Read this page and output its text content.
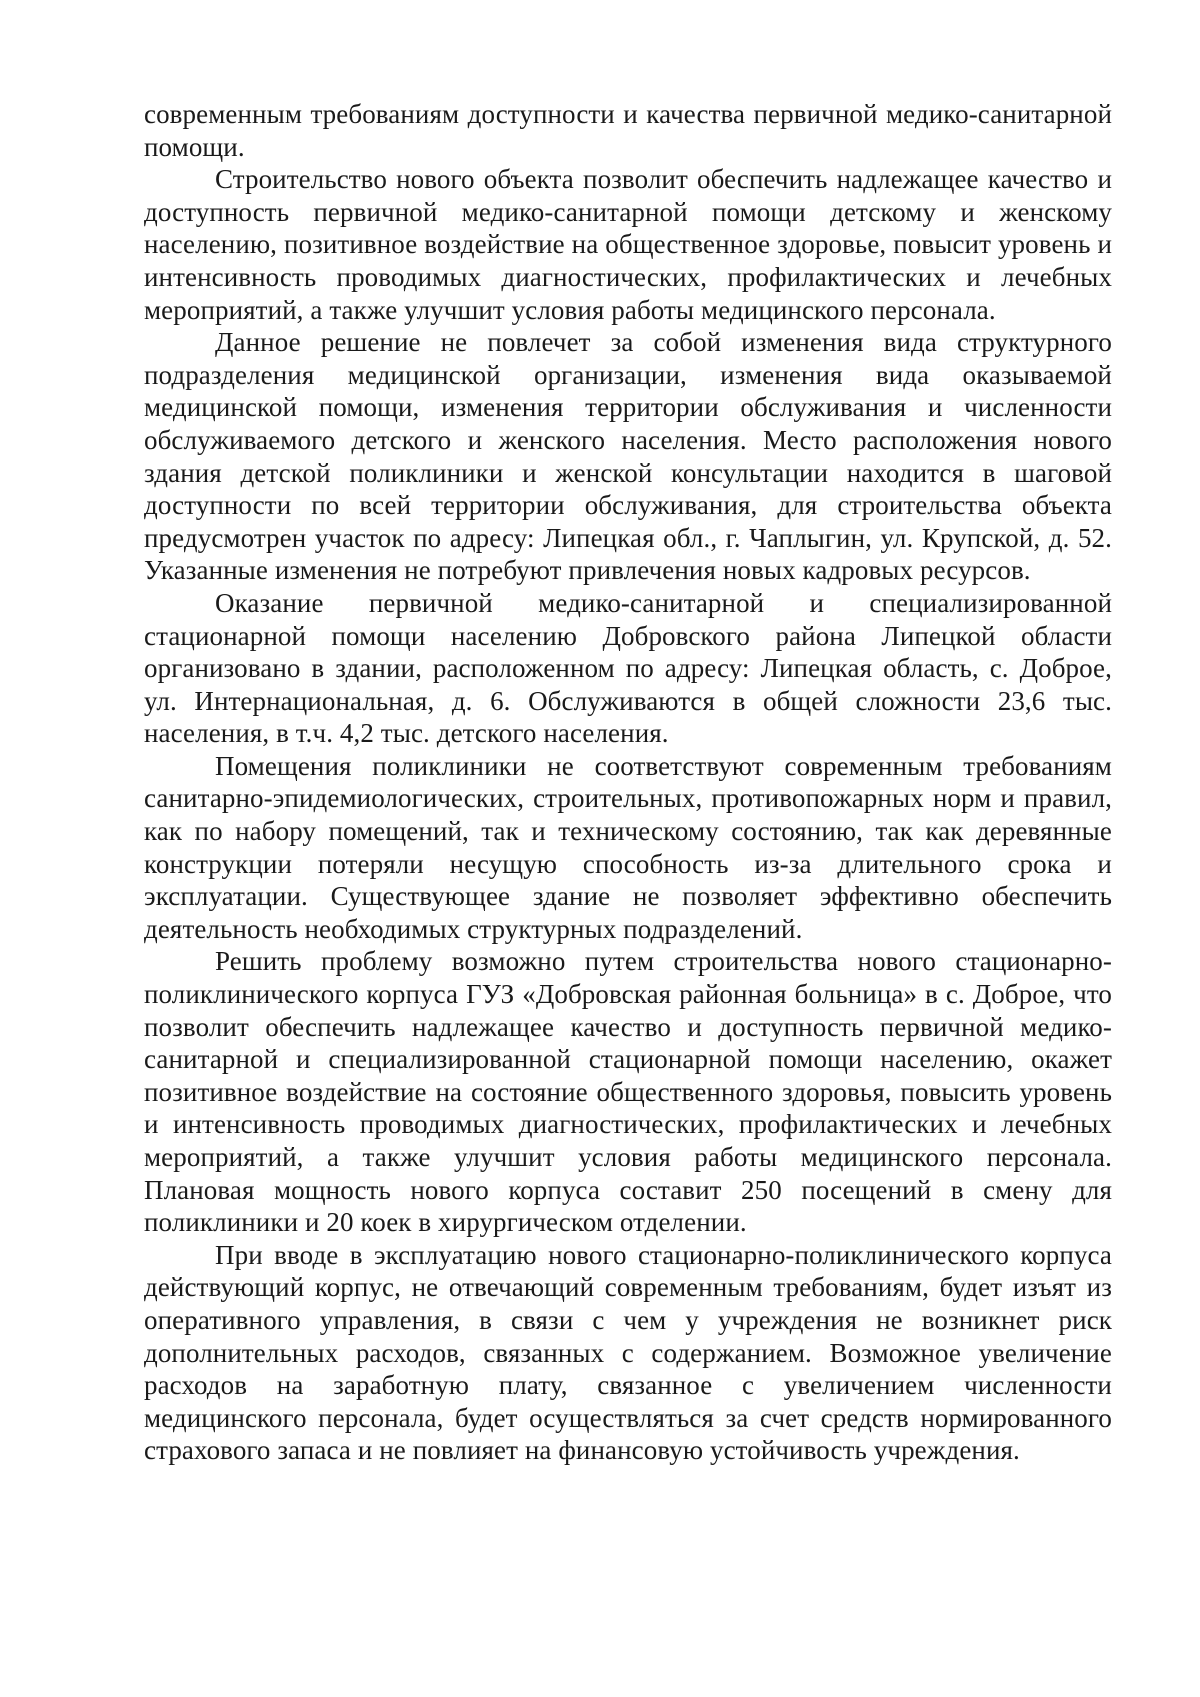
современным требованиям доступности и качества первичной медико-санитарной помощи.

Строительство нового объекта позволит обеспечить надлежащее качество и доступность первичной медико-санитарной помощи детскому и женскому населению, позитивное воздействие на общественное здоровье, повысит уровень и интенсивность проводимых диагностических, профилактических и лечебных мероприятий, а также улучшит условия работы медицинского персонала.

Данное решение не повлечет за собой изменения вида структурного подразделения медицинской организации, изменения вида оказываемой медицинской помощи, изменения территории обслуживания и численности обслуживаемого детского и женского населения. Место расположения нового здания детской поликлиники и женской консультации находится в шаговой доступности по всей территории обслуживания, для строительства объекта предусмотрен участок по адресу: Липецкая обл., г. Чаплыгин, ул. Крупской, д. 52. Указанные изменения не потребуют привлечения новых кадровых ресурсов.

Оказание первичной медико-санитарной и специализированной стационарной помощи населению Добровского района Липецкой области организовано в здании, расположенном по адресу: Липецкая область, с. Доброе, ул. Интернациональная, д. 6. Обслуживаются в общей сложности 23,6 тыс. населения, в т.ч. 4,2 тыс. детского населения.

Помещения поликлиники не соответствуют современным требованиям санитарно-эпидемиологических, строительных, противопожарных норм и правил, как по набору помещений, так и техническому состоянию, так как деревянные конструкции потеряли несущую способность из-за длительного срока и эксплуатации. Существующее здание не позволяет эффективно обеспечить деятельность необходимых структурных подразделений.

Решить проблему возможно путем строительства нового стационарно-поликлинического корпуса ГУЗ «Добровская районная больница» в с. Доброе, что позволит обеспечить надлежащее качество и доступность первичной медико-санитарной и специализированной стационарной помощи населению, окажет позитивное воздействие на состояние общественного здоровья, повысить уровень и интенсивность проводимых диагностических, профилактических и лечебных мероприятий, а также улучшит условия работы медицинского персонала. Плановая мощность нового корпуса составит 250 посещений в смену для поликлиники и 20 коек в хирургическом отделении.

При вводе в эксплуатацию нового стационарно-поликлинического корпуса действующий корпус, не отвечающий современным требованиям, будет изъят из оперативного управления, в связи с чем у учреждения не возникнет риск дополнительных расходов, связанных с содержанием. Возможное увеличение расходов на заработную плату, связанное с увеличением численности медицинского персонала, будет осуществляться за счет средств нормированного страхового запаса и не повлияет на финансовую устойчивость учреждения.
